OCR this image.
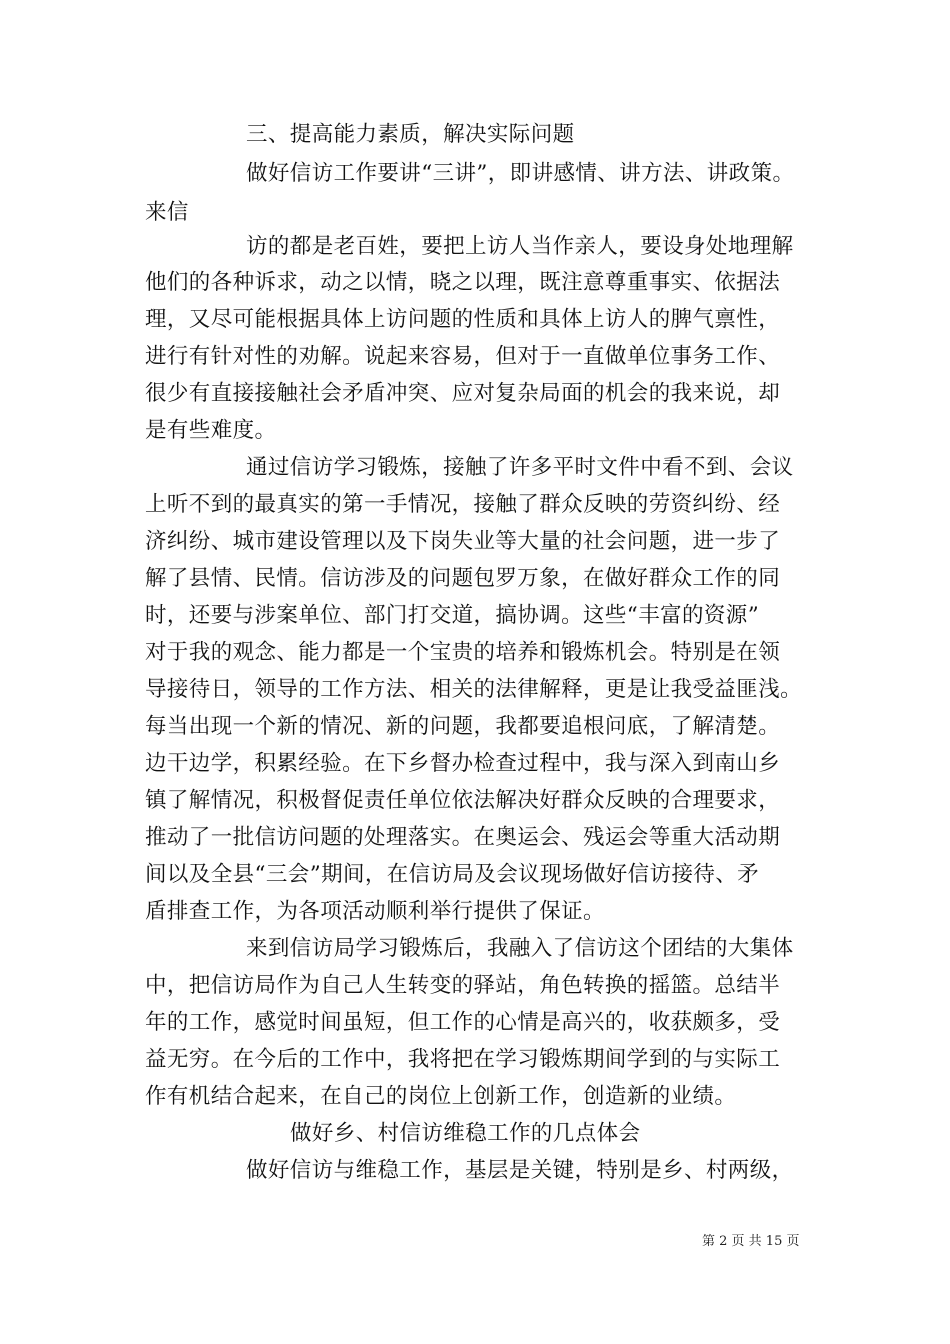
三、提高能力素质，解决实际问题
做好信访工作要讲“三讲”，即讲感情、讲方法、讲政策。
来信
访的都是老百姓，要把上访人当作亲人，要设身处地理解
他们的各种诉求，动之以情，晓之以理，既注意尊重事实、依据法
理，又尽可能根据具体上访问题的性质和具体上访人的脾气禀性，
进行有针对性的劝解。说起来容易，但对于一直做单位事务工作、
很少有直接接触社会矛盾冲突、应对复杂局面的机会的我来说，却
是有些难度。
通过信访学习锻炼，接触了许多平时文件中看不到、会议
上听不到的最真实的第一手情况，接触了群众反映的劳资纠纷、经
济纠纷、城市建设管理以及下岗失业等大量的社会问题，进一步了
解了县情、民情。信访涉及的问题包罗万象，在做好群众工作的同
时，还要与涉案单位、部门打交道，搞协调。这些“丰富的资源”
对于我的观念、能力都是一个宝贵的培养和锻炼机会。特别是在领
导接待日，领导的工作方法、相关的法律解释，更是让我受益匪浅。
每当出现一个新的情况、新的问题，我都要追根问底，了解清楚。
边干边学，积累经验。在下乡督办检查过程中，我与深入到南山乡
镇了解情况，积极督促责任单位依法解决好群众反映的合理要求，
推动了一批信访问题的处理落实。在奥运会、残运会等重大活动期
间以及全县“三会”期间，在信访局及会议现场做好信访接待、矛
盾排查工作，为各项活动顺利举行提供了保证。
来到信访局学习锻炼后，我融入了信访这个团结的大集体
中，把信访局作为自己人生转变的驿站，角色转换的摇篮。总结半
年的工作，感觉时间虽短，但工作的心情是高兴的，收获颇多，受
益无穷。在今后的工作中，我将把在学习锻炼期间学到的与实际工
作有机结合起来，在自己的岗位上创新工作，创造新的业绩。
做好乡、村信访维稳工作的几点体会
做好信访与维稳工作，基层是关键，特别是乡、村两级，
第 2 页 共 15 页
